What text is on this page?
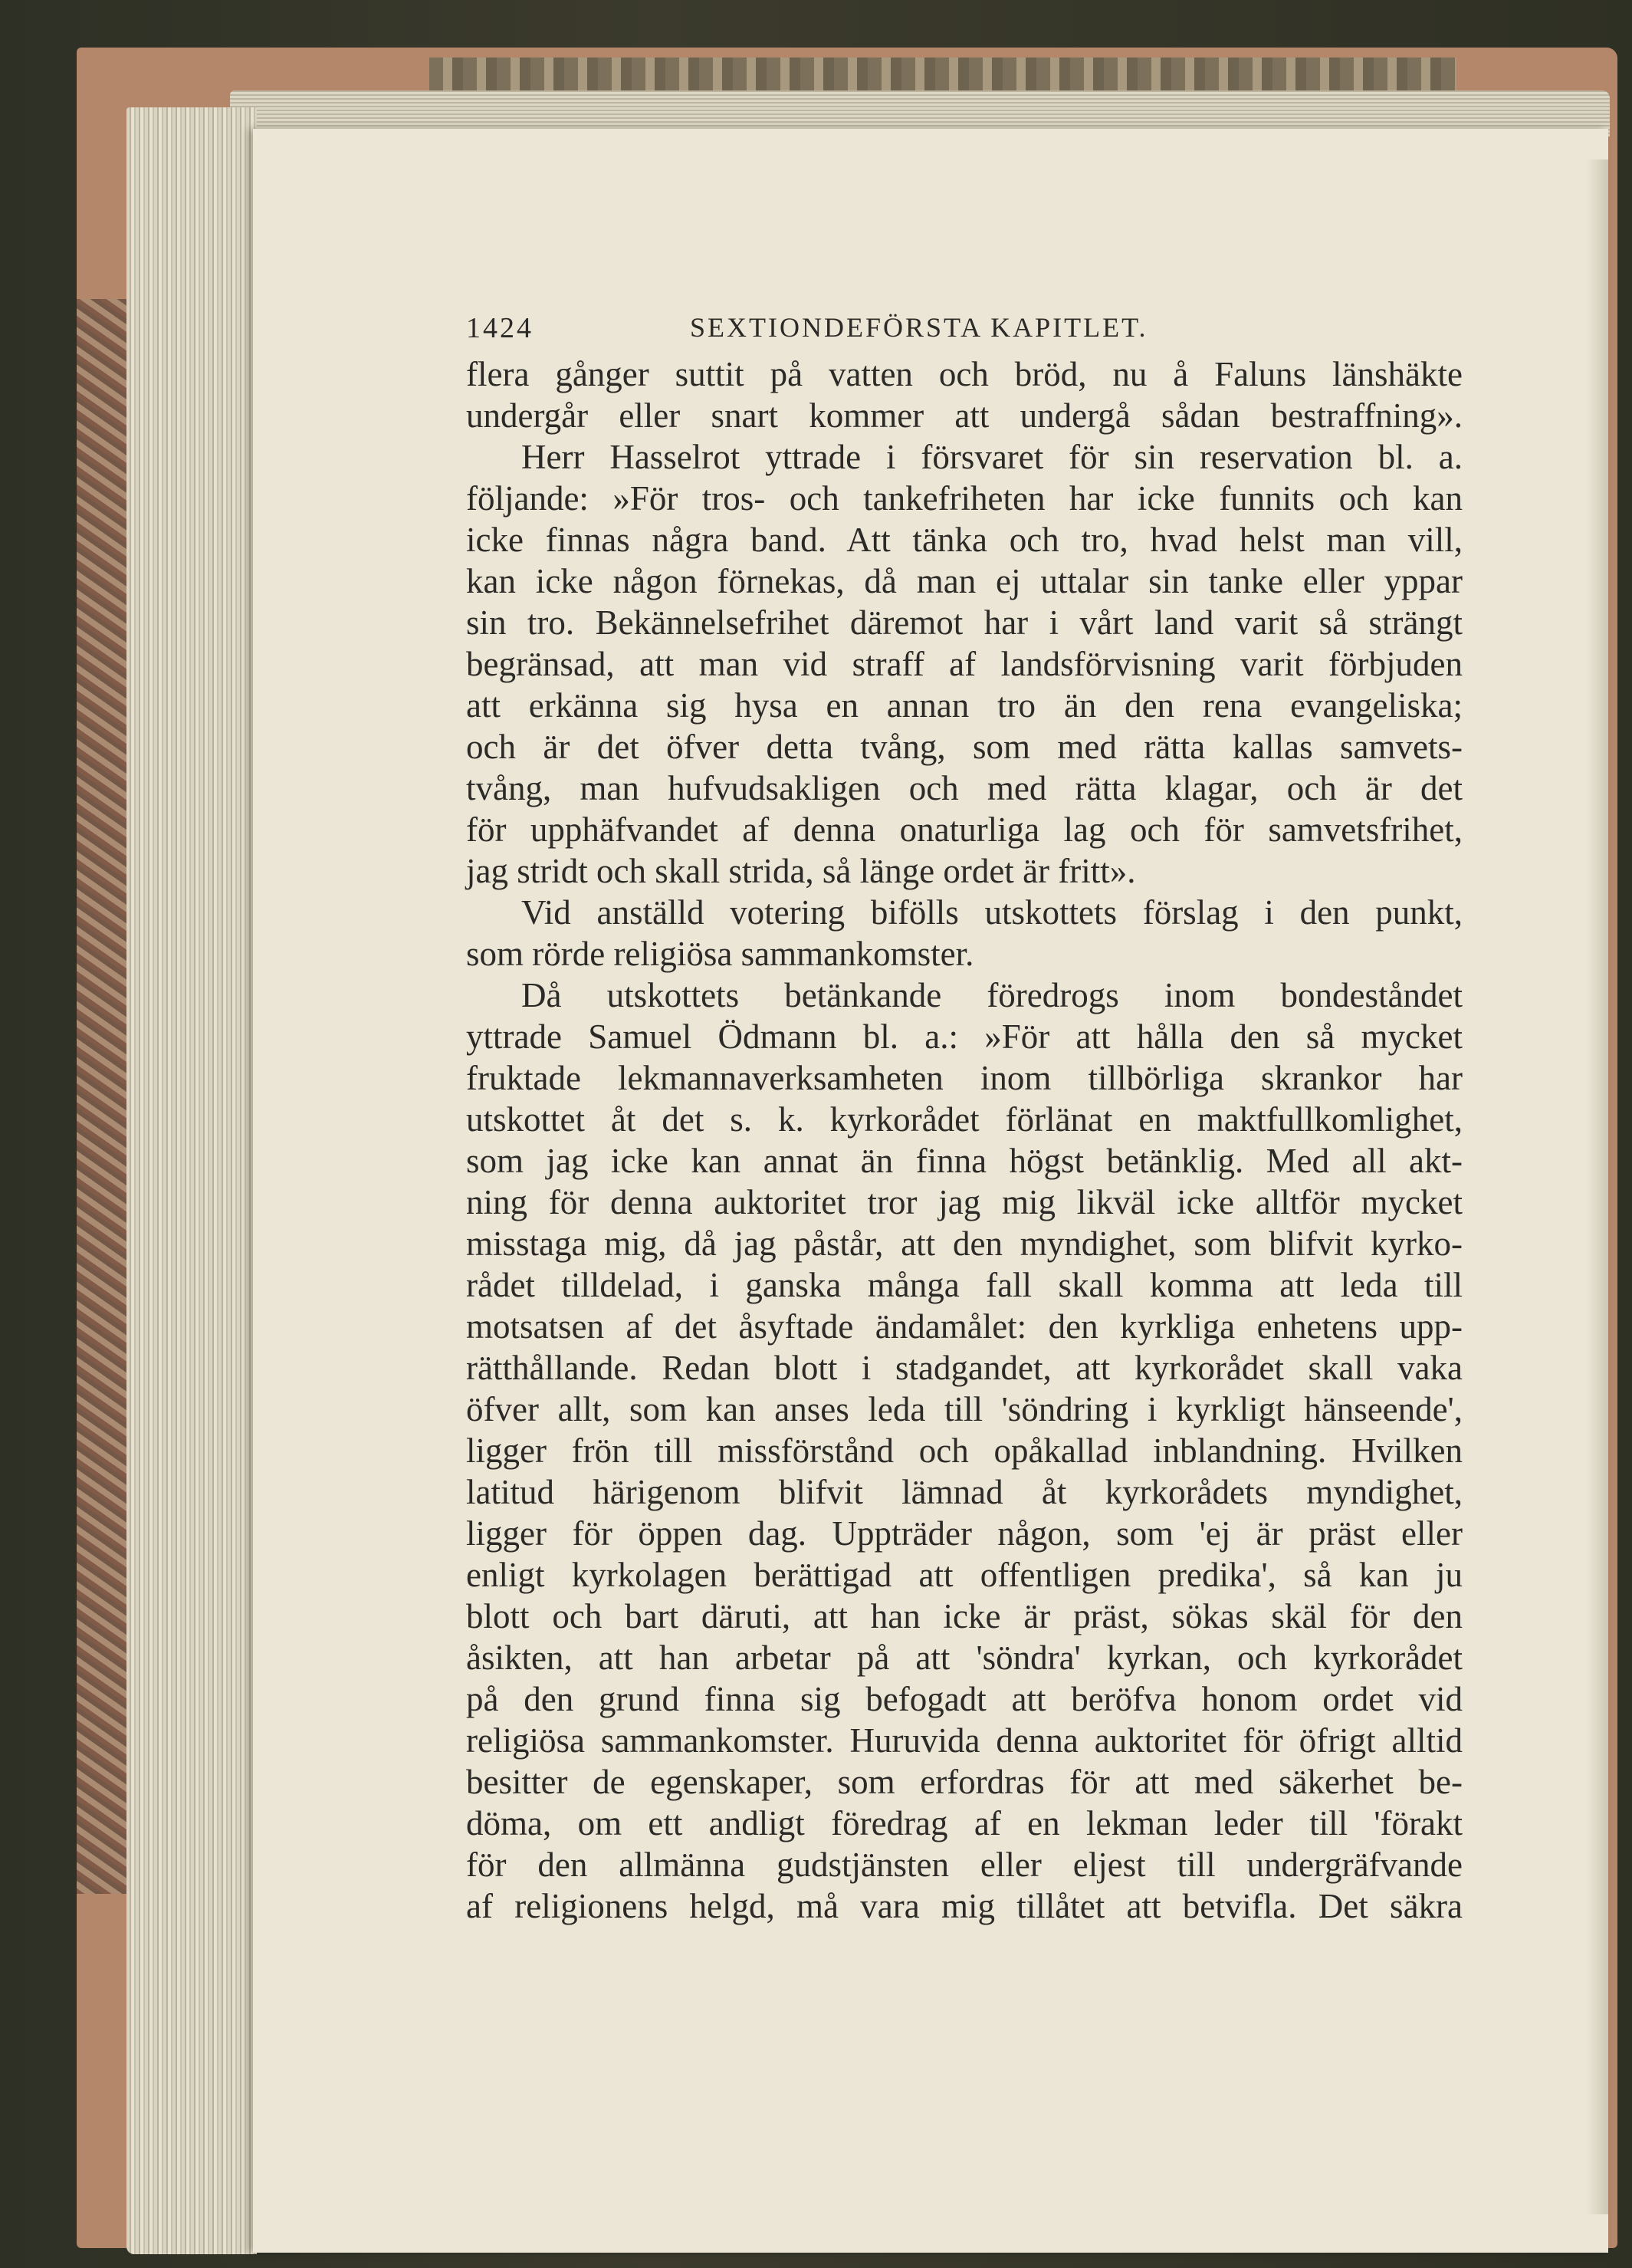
1424	SEXTIONDEFÖRSTA KAPITLET.
flera gånger suttit på vatten och bröd, nu å Faluns länshäkte
undergår eller snart kommer att undergå sådan bestraffning».
Herr Hasselrot yttrade i försvaret för sin reservation bl. a.
följande: »För tros- och tankefriheten har icke funnits och kan
icke finnas några band. Att tänka och tro, hvad helst man vill,
kan icke någon förnekas, då man ej uttalar sin tanke eller yppar
sin tro. Bekännelsefrihet däremot har i vårt land varit så strängt
begränsad, att man vid straff af landsförvisning varit förbjuden
att erkänna sig hysa en annan tro än den rena evangeliska;
och är det öfver detta tvång, som med rätta kallas samvets-
tvång, man hufvudsakligen och med rätta klagar, och är det
för upphäfvandet af denna onaturliga lag och för samvetsfrihet,
jag stridt och skall strida, så länge ordet är fritt».
Vid anställd votering bifölls utskottets förslag i den punkt,
som rörde religiösa sammankomster.
Då utskottets betänkande föredrogs inom bondeståndet
yttrade Samuel Ödmann bl. a.: »För att hålla den så mycket
fruktade lekmannaverksamheten inom tillbörliga skrankor har
utskottet åt det s. k. kyrkorådet förlänat en maktfullkomlighet,
som jag icke kan annat än finna högst betänklig. Med all akt-
ning för denna auktoritet tror jag mig likväl icke alltför mycket
misstaga mig, då jag påstår, att den myndighet, som blifvit kyrko-
rådet tilldelad, i ganska många fall skall komma att leda till
motsatsen af det åsyftade ändamålet: den kyrkliga enhetens upp-
rätthållande. Redan blott i stadgandet, att kyrkorådet skall vaka
öfver allt, som kan anses leda till 'söndring i kyrkligt hänseende',
ligger frön till missförstånd och opåkallad inblandning. Hvilken
latitud härigenom blifvit lämnad åt kyrkorådets myndighet,
ligger för öppen dag. Uppträder någon, som 'ej är präst eller
enligt kyrkolagen berättigad att offentligen predika', så kan ju
blott och bart däruti, att han icke är präst, sökas skäl för den
åsikten, att han arbetar på att 'söndra' kyrkan, och kyrkorådet
på den grund finna sig befogadt att beröfva honom ordet vid
religiösa sammankomster. Huruvida denna auktoritet för öfrigt alltid
besitter de egenskaper, som erfordras för att med säkerhet be-
döma, om ett andligt föredrag af en lekman leder till 'förakt
för den allmänna gudstjänsten eller eljest till undergräfvande
af religionens helgd, må vara mig tillåtet att betvifla. Det säkra
